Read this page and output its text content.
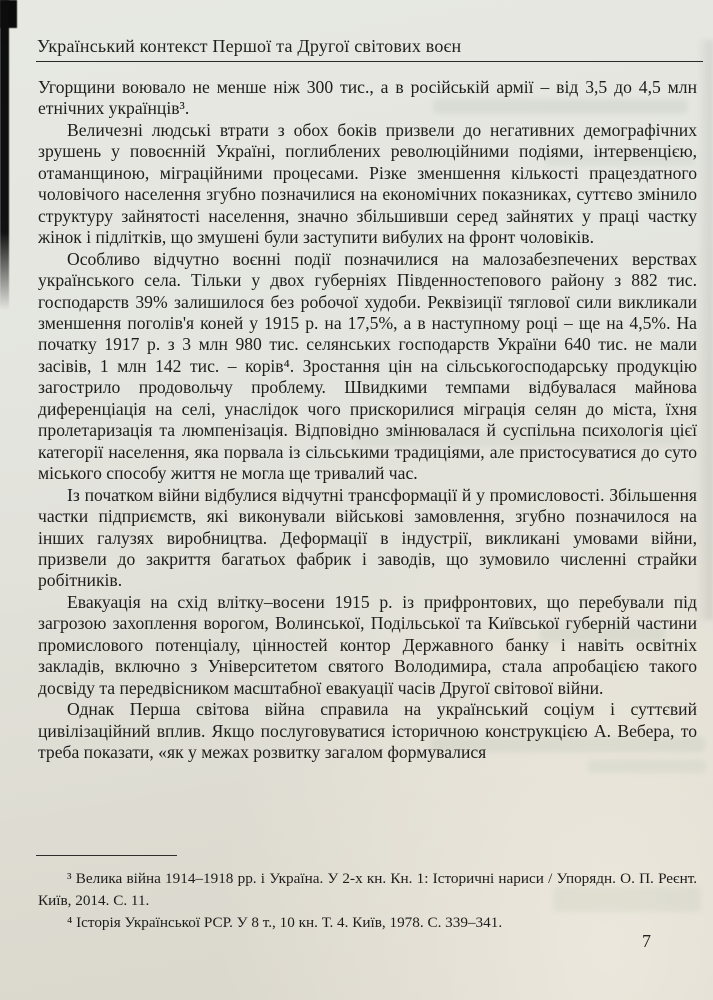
Український контекст Першої та Другої світових воєн

Угорщини воювало не менше ніж 300 тис., а в російській армії – від 3,5 до 4,5 млн етнічних українців³.

Величезні людські втрати з обох боків призвели до негативних демографічних зрушень у повоєнній Україні, поглиблених революційними подіями, інтервенцією, отаманщиною, міграційними процесами. Різке зменшення кількості працездатного чоловічого населення згубно позначилися на економічних показниках, суттєво змінило структуру зайнятості населення, значно збільшивши серед зайнятих у праці частку жінок і підлітків, що змушені були заступити вибулих на фронт чоловіків.

Особливо відчутно воєнні події позначилися на малозабезпечених верствах українського села. Тільки у двох губерніях Південностепового району з 882 тис. господарств 39% залишилося без робочої худоби. Реквізиції тяглової сили викликали зменшення поголів'я коней у 1915 р. на 17,5%, а в наступному році – ще на 4,5%. На початку 1917 р. з 3 млн 980 тис. селянських господарств України 640 тис. не мали засівів, 1 млн 142 тис. – корів⁴. Зростання цін на сільськогосподарську продукцію загострило продовольчу проблему. Швидкими темпами відбувалася майнова диференціація на селі, унаслідок чого прискорилися міграція селян до міста, їхня пролетаризація та люмпенізація. Відповідно змінювалася й суспільна психологія цієї категорії населення, яка порвала із сільськими традиціями, але пристосуватися до суто міського способу життя не могла ще тривалий час.

Із початком війни відбулися відчутні трансформації й у промисловості. Збільшення частки підприємств, які виконували військові замовлення, згубно позначилося на інших галузях виробництва. Деформації в індустрії, викликані умовами війни, призвели до закриття багатьох фабрик і заводів, що зумовило численні страйки робітників.

Евакуація на схід влітку–восени 1915 р. із прифронтових, що перебували під загрозою захоплення ворогом, Волинської, Подільської та Київської губерній частини промислового потенціалу, цінностей контор Державного банку і навіть освітніх закладів, включно з Університетом святого Володимира, стала апробацією такого досвіду та передвісником масштабної евакуації часів Другої світової війни.

Однак Перша світова війна справила на український соціум і суттєвий цивілізаційний вплив. Якщо послуговуватися історичною конструкцією А. Вебера, то треба показати, «як у межах розвитку загалом формувалися

³ Велика війна 1914–1918 рр. і Україна. У 2-х кн. Кн. 1: Історичні нариси / Упорядн. О. П. Реєнт. Київ, 2014. С. 11.

⁴ Історія Української РСР. У 8 т., 10 кн. Т. 4. Київ, 1978. С. 339–341.

7
